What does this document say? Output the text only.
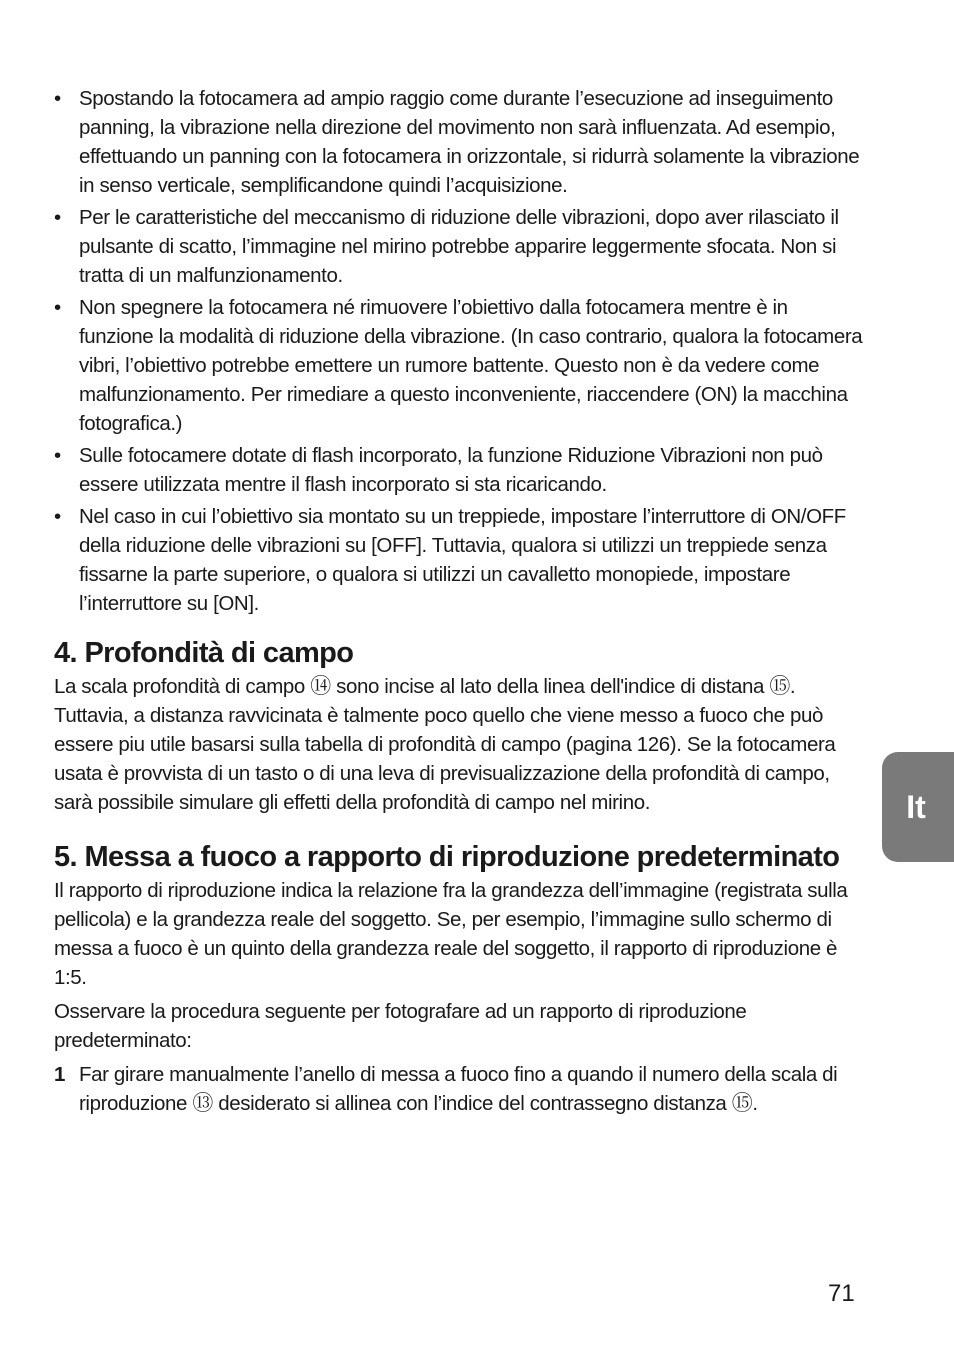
• Spostando la fotocamera ad ampio raggio come durante l’esecuzione ad inseguimento panning, la vibrazione nella direzione del movimento non sarà influenzata. Ad esempio, effettuando un panning con la fotocamera in orizzontale, si ridurrà solamente la vibrazione in senso verticale, semplificandone quindi l’acquisizione.
• Per le caratteristiche del meccanismo di riduzione delle vibrazioni, dopo aver rilasciato il pulsante di scatto, l’immagine nel mirino potrebbe apparire leggermente sfocata. Non si tratta di un malfunzionamento.
• Non spegnere la fotocamera né rimuovere l’obiettivo dalla fotocamera mentre è in funzione la modalità di riduzione della vibrazione. (In caso contrario, qualora la fotocamera vibri, l’obiettivo potrebbe emettere un rumore battente. Questo non è da vedere come malfunzionamento. Per rimediare a questo inconveniente, riaccendere (ON) la macchina fotografica.)
• Sulle fotocamere dotate di flash incorporato, la funzione Riduzione Vibrazioni non può essere utilizzata mentre il flash incorporato si sta ricaricando.
• Nel caso in cui l’obiettivo sia montato su un treppiede, impostare l’interruttore di ON/OFF della riduzione delle vibrazioni su [OFF]. Tuttavia, qualora si utilizzi un treppiede senza fissarne la parte superiore, o qualora si utilizzi un cavalletto monopiede, impostare l’interruttore su [ON].
4. Profondità di campo

La scala profondità di campo ⑭ sono incise al lato della linea dell'indice di distana ⑮. Tuttavia, a distanza ravvicinata è talmente poco quello che viene messo a fuoco che può essere piu utile basarsi sulla tabella di profondità di campo (pagina 126). Se la fotocamera usata è provvista di un tasto o di una leva di previsualizzazione della profondità di campo, sarà possibile simulare gli effetti della profondità di campo nel mirino.

5. Messa a fuoco a rapporto di riproduzione predeterminato

Il rapporto di riproduzione indica la relazione fra la grandezza dell’immagine (registrata sulla pellicola) e la grandezza reale del soggetto. Se, per esempio, l’immagine sullo schermo di messa a fuoco è un quinto della grandezza reale del soggetto, il rapporto di riproduzione è 1:5.

Osservare la procedura seguente per fotografare ad un rapporto di riproduzione predeterminato:

1 Far girare manualmente l’anello di messa a fuoco fino a quando il numero della scala di riproduzione ⑬ desiderato si allinea con l’indice del contrassegno distanza ⑮.
It
71
